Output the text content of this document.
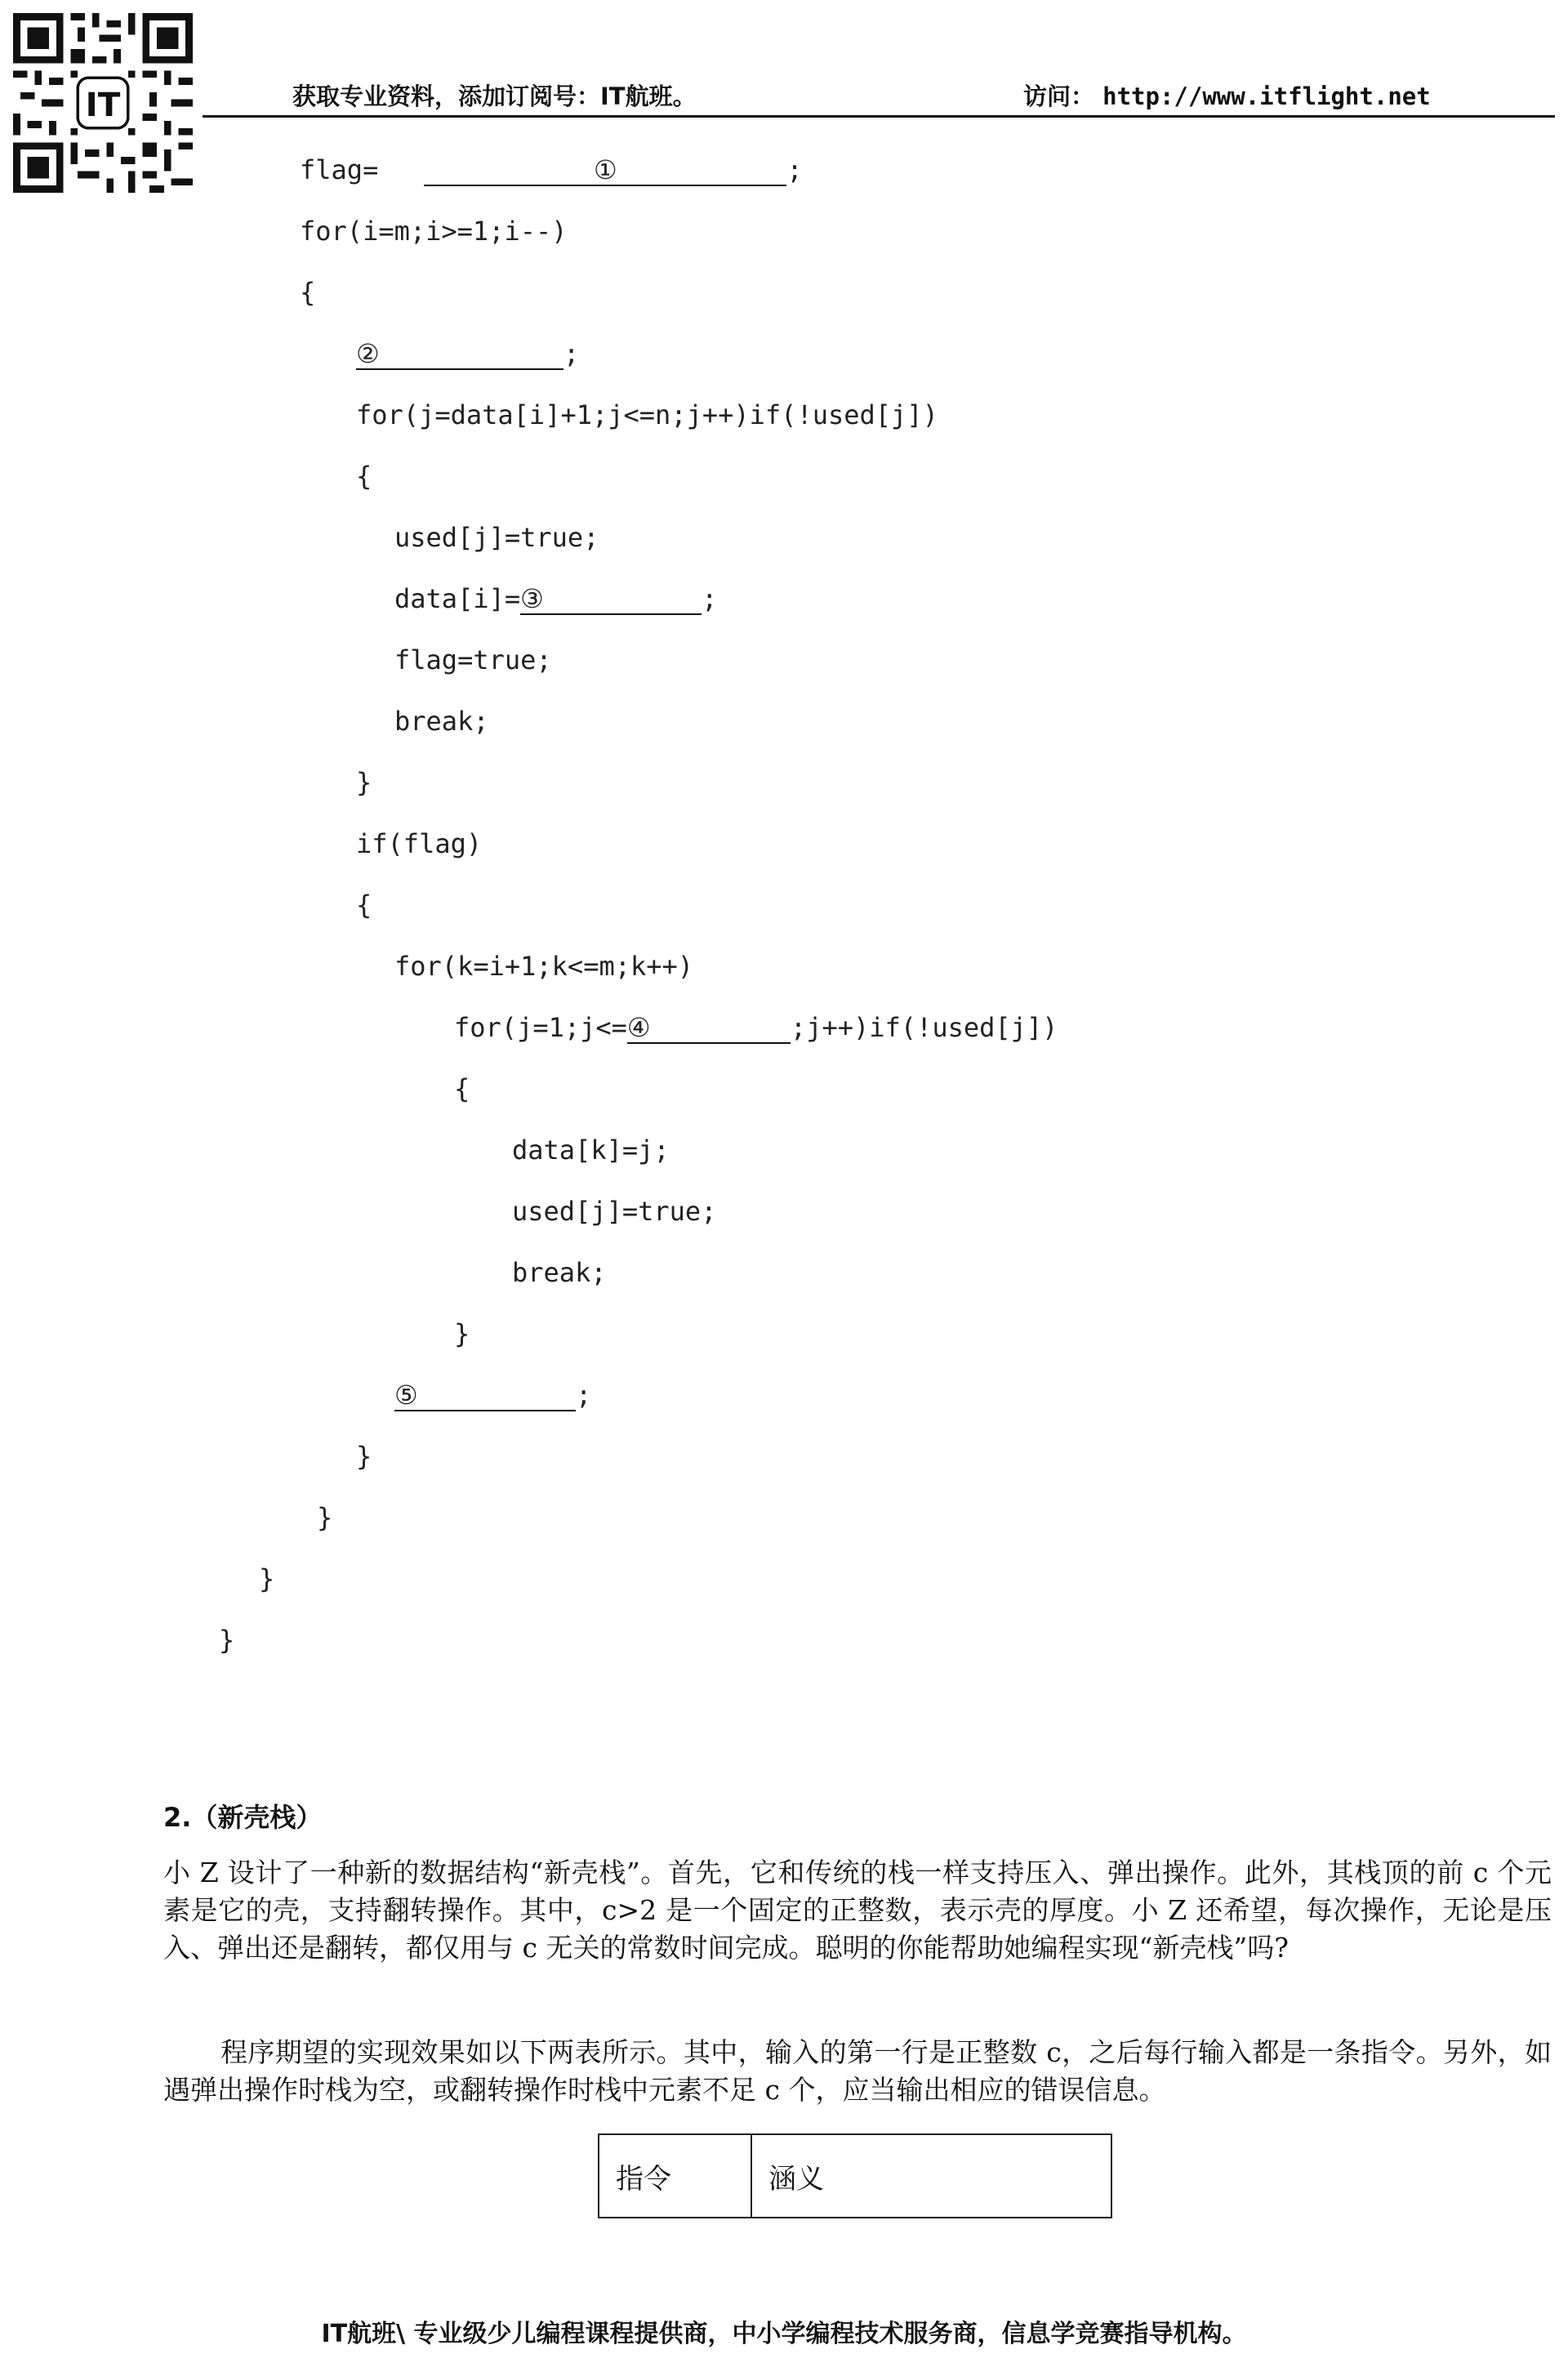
IT	获取专业资料，添加订阅号：IT航班。	访问： http://www.itflight.net
flag=	①	;
for(i=m;i>=1;i--)
{
②	;
for(j=data[i]+1;j<=n;j++)if(!used[j])
{
used[j]=true;
data[i]=③	;
flag=true;
break;
}
if(flag)
{
for(k=i+1;k<=m;k++)
for(j=1;j<=④	;j++)if(!used[j])
{
data[k]=j;
used[j]=true;
break;
}
⑤	;
}
}
}
}
2.（新壳栈）
小 Z 设计了一种新的数据结构“新壳栈”。首先，它和传统的栈一样支持压入、弹出操作。此外，其栈顶的前 c 个元素是它的壳，支持翻转操作。其中，c>2 是一个固定的正整数，表示壳的厚度。小 Z 还希望，每次操作，无论是压入、弹出还是翻转，都仅用与 c 无关的常数时间完成。聪明的你能帮助她编程实现“新壳栈”吗?
程序期望的实现效果如以下两表所示。其中，输入的第一行是正整数 c，之后每行输入都是一条指令。另外，如遇弹出操作时栈为空，或翻转操作时栈中元素不足 c 个，应当输出相应的错误信息。
指令	涵义
IT航班\ 专业级少儿编程课程提供商，中小学编程技术服务商，信息学竞赛指导机构。
